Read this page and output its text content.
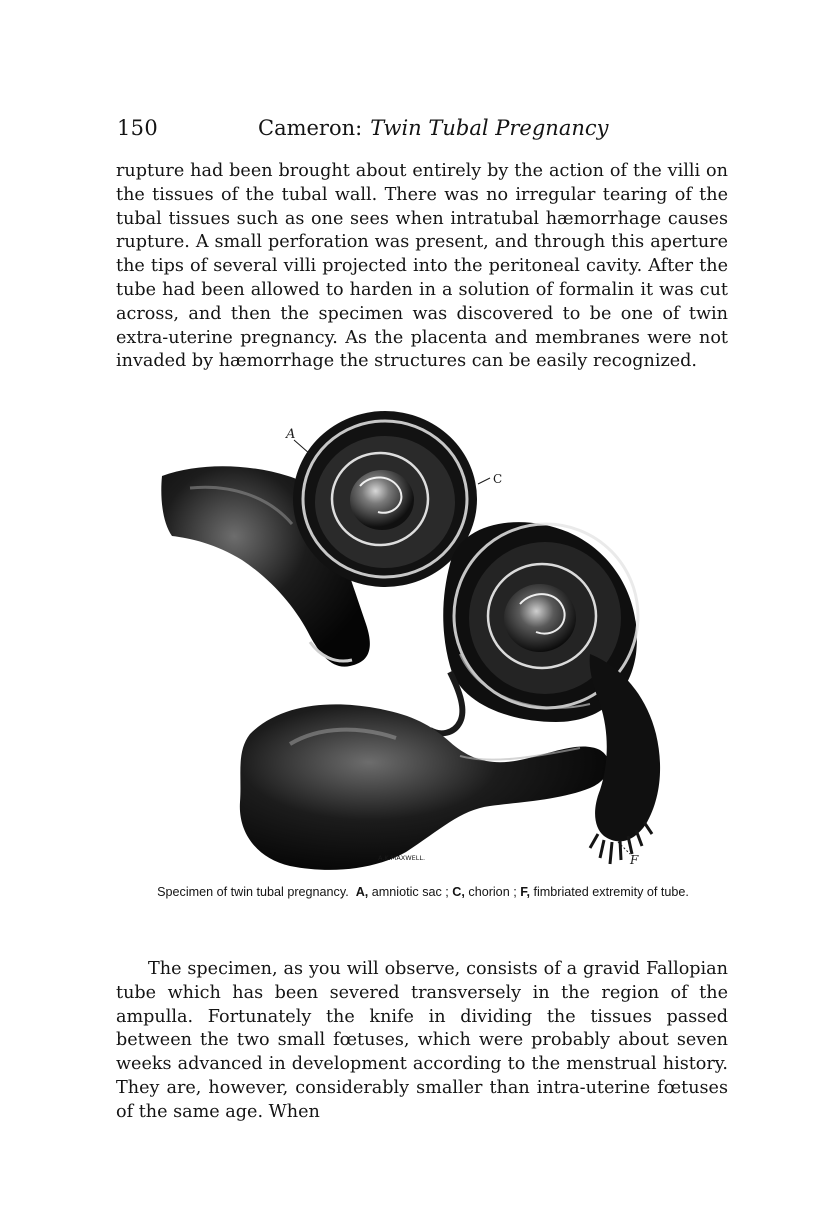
150	Cameron: Twin Tubal Pregnancy

rupture had been brought about entirely by the action of the villi on the tissues of the tubal wall. There was no irregular tearing of the tubal tissues such as one sees when intratubal hæmorrhage causes rupture. A small perforation was present, and through this aperture the tips of several villi projected into the peritoneal cavity. After the tube had been allowed to harden in a solution of formalin it was cut across, and then the specimen was discovered to be one of twin extra-uterine pregnancy. As the placenta and membranes were not invaded by hæmorrhage the structures can be easily recognized.

A
C
F
A.K.MAXWELL.
Specimen of twin tubal pregnancy. A, amniotic sac ; C, chorion ; F, fimbriated extremity of tube.

The specimen, as you will observe, consists of a gravid Fallopian tube which has been severed transversely in the region of the ampulla. Fortunately the knife in dividing the tissues passed between the two small fœtuses, which were probably about seven weeks advanced in development according to the menstrual history. They are, however, considerably smaller than intra-uterine fœtuses of the same age. When
